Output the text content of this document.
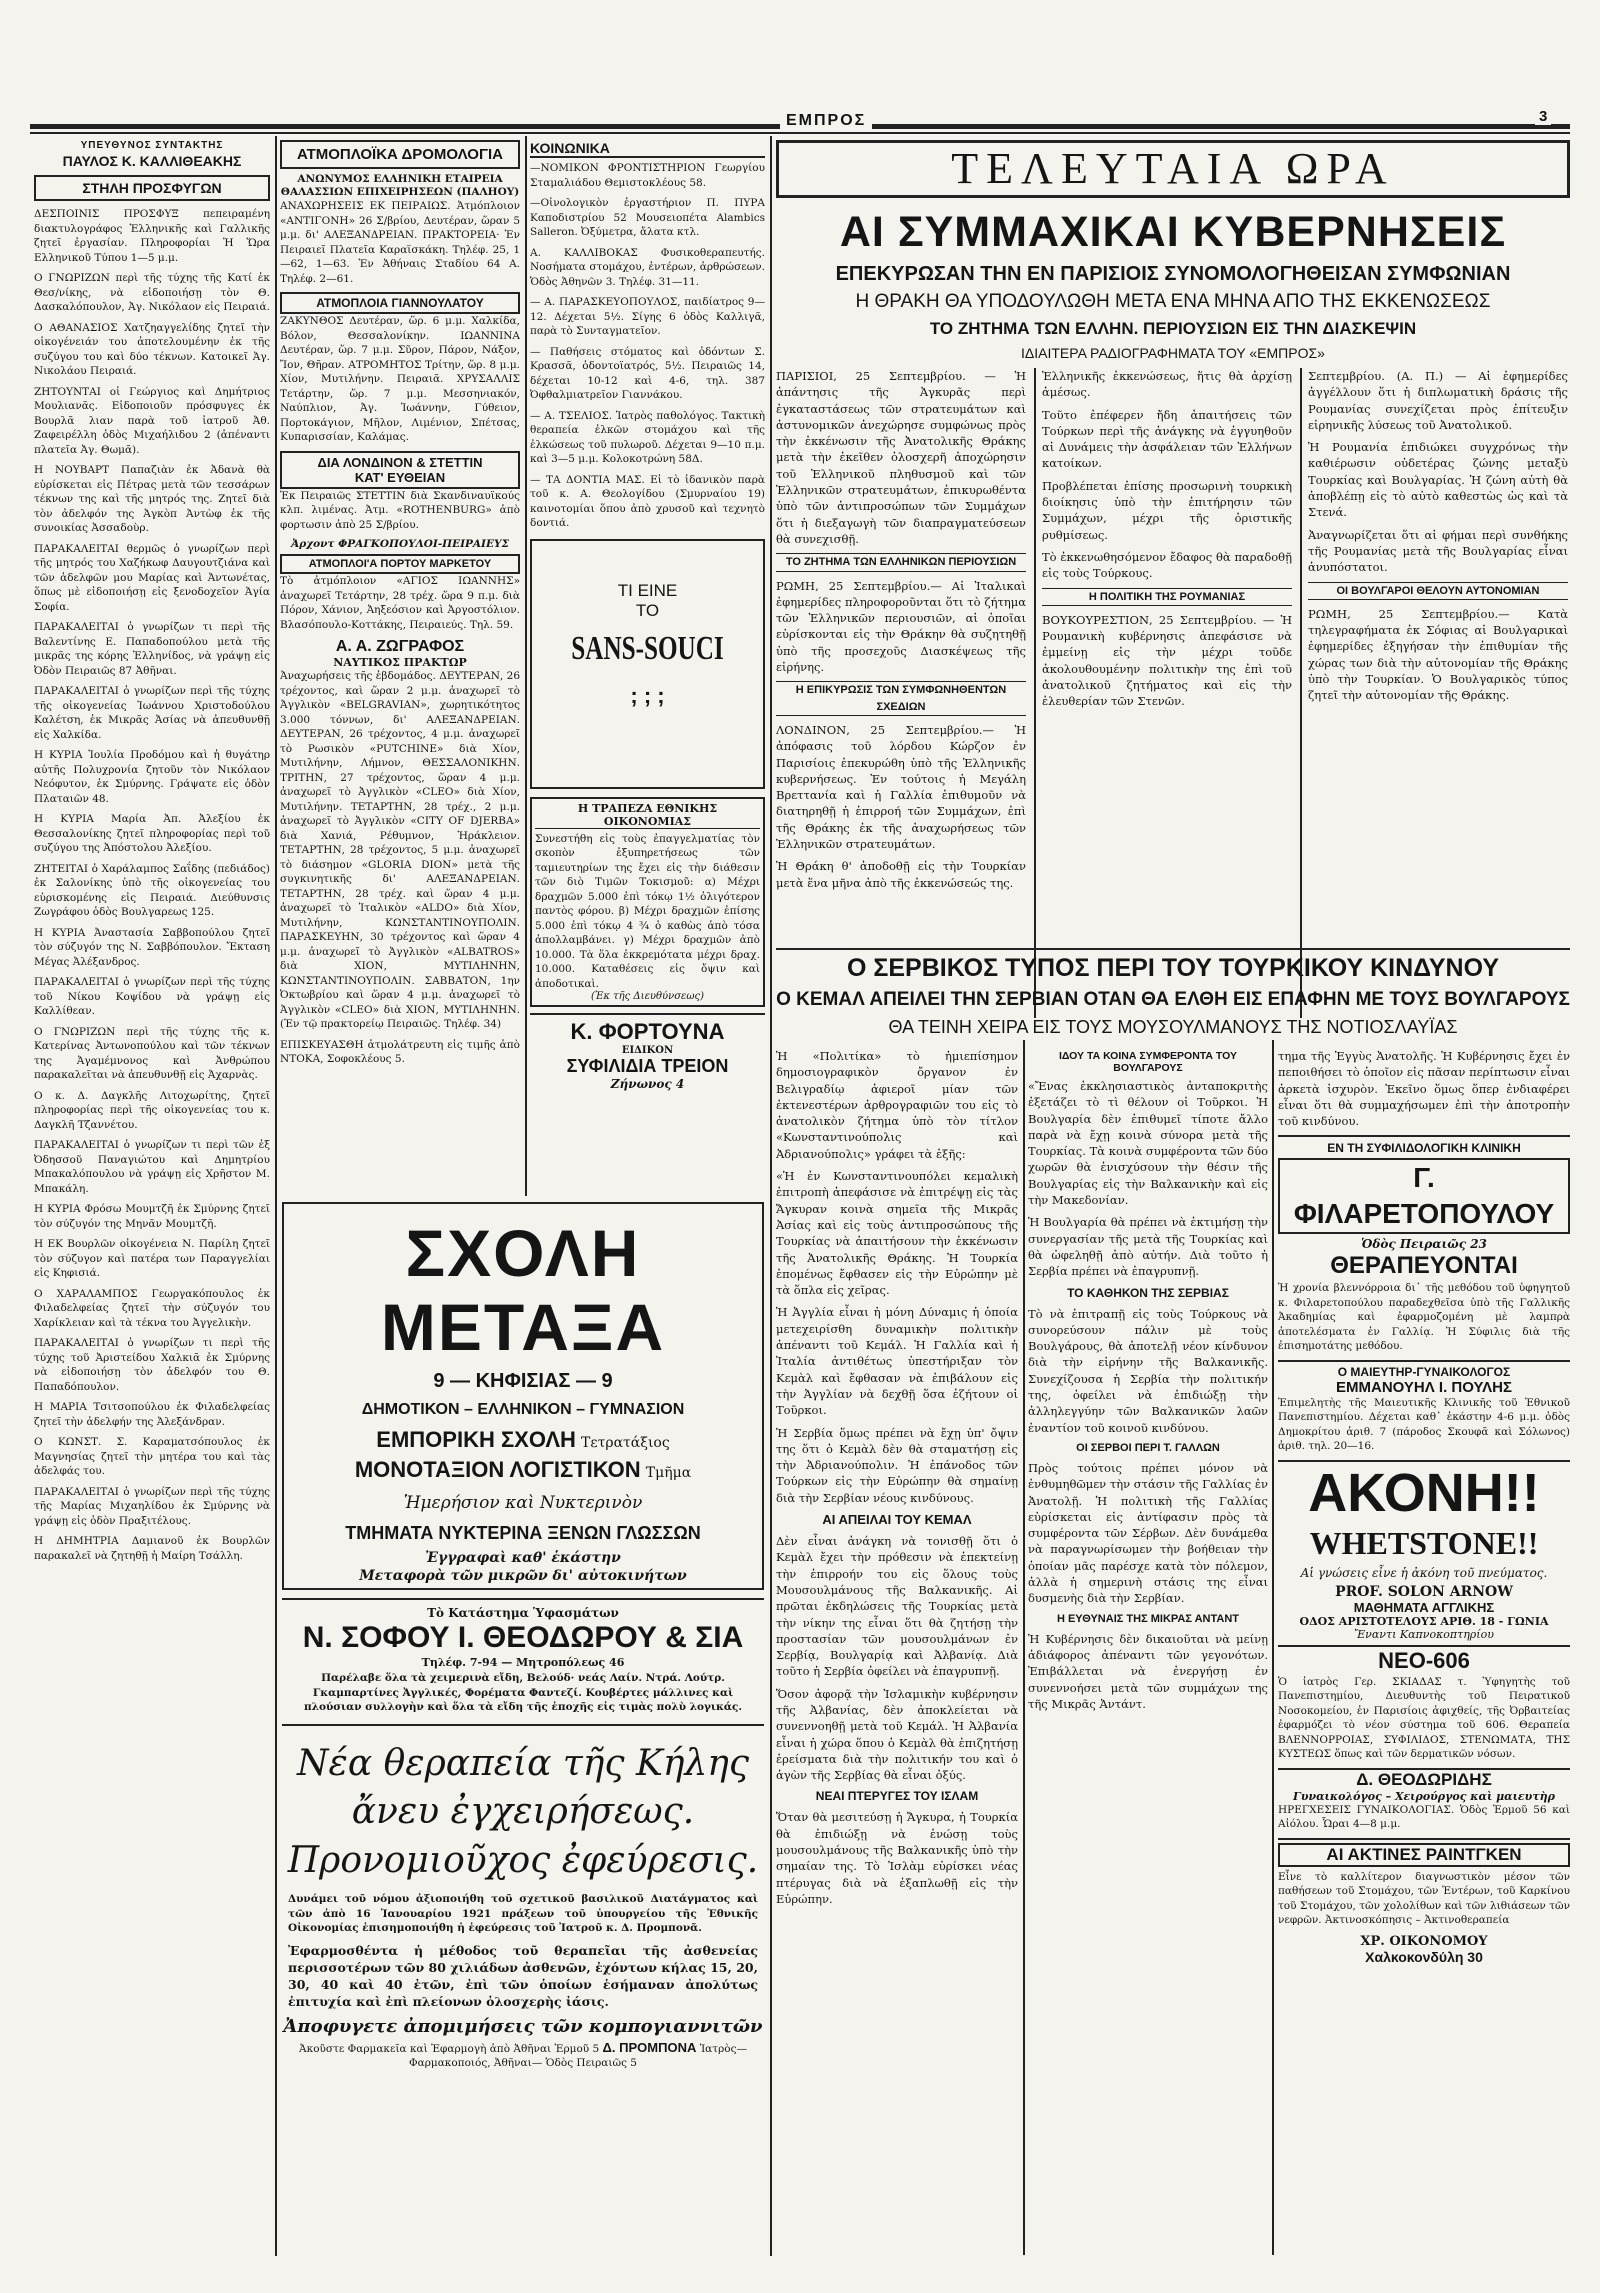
ΕΜΠΡΟΣ	3
ΥΠΕΥΘΥΝΟΣ ΣΥΝΤΑΚΤΗΣ
ΠΑΥΛΟΣ Κ. ΚΑΛΛΙΘΕΑΚΗΣ
ΣΤΗΛΗ ΠΡΟΣΦΥΓΩΝ

ΔΕΣΠΟΙΝΙΣ ΠΡΟΣΦΥΞ πεπειραμένη διακτυλογράφος Ἑλληνικῆς καὶ Γαλλικῆς ζητεῖ ἐργασίαν. Πληροφορίαι Ἡ Ὥρα Ελληνικοῦ Τύπου 1—5 μ.μ.

Ο ΓΝΩΡΙΖΩΝ περὶ τῆς τύχης τῆς Κατί ἐκ Θεσ/νίκης, νὰ εἰδοποιήσῃ τὸν Θ. Δασκαλόπουλον, Ἀγ. Νικόλαον εἰς Πειραιά.

Ο ΑΘΑΝΑΣΙΟΣ Χατζηαγγελίδης ζητεῖ τὴν οἰκογένειάν του ἀποτελουμένην ἐκ τῆς συζύγου του καὶ δύο τέκνων. Κατοικεῖ Ἀγ. Νικολάου Πειραιά.

ΖΗΤΟΥΝΤΑΙ οἱ Γεώργιος καὶ Δημήτριος Μουλιανᾶς. Εἰδοποιοῦν πρόσφυγες ἐκ Βουρλᾶ λιαν παρὰ τοῦ ἰατροῦ Ἀθ. Ζαφειρέλλη ὁδὸς Μιχαήλιδου 2 (ἀπέναντι πλατεῖα Ἀγ. Θωμᾶ).

Η ΝΟΥΒΑΡΤ Παπαζιὰν ἐκ Ἀδανὰ θὰ εὑρίσκεται εἰς Πέτρας μετὰ τῶν τεσσάρων τέκνων της καὶ τῆς μητρός της. Ζητεῖ διὰ τὸν ἀδελφόν της Ἀγκὸπ Ἀντὼφ ἐκ τῆς συνοικίας Ἀσσαδοὺρ.

ΠΑΡΑΚΑΛΕΙΤΑΙ θερμῶς ὁ γνωρίζων περὶ τῆς μητρός του Χαζήκωφ Δαυγουτζιάνα καὶ τῶν ἀδελφῶν μου Μαρίας καὶ Ἀντωνέτας, ὅπως μὲ εἰδοποιήσῃ εἰς ξενοδοχεῖον Ἀγία Σοφία.

ΠΑΡΑΚΑΛΕΙΤΑΙ ὁ γνωρίζων τι περὶ τῆς Βαλεντίνης Ε. Παπαδοπούλου μετὰ τῆς μικρᾶς της κόρης Ἑλληνίδος, νὰ γράψῃ εἰς Ὀδὸν Πειραιῶς 87 Ἀθῆναι.

ΠΑΡΑΚΑΛΕΙΤΑΙ ὁ γνωρίζων περὶ τῆς τύχης τῆς οἰκογενείας Ἰωάννου Χριστοδούλου Καλέτση, ἐκ Μικρᾶς Ἀσίας νὰ ἀπευθυνθῇ εἰς Χαλκίδα.

Η ΚΥΡΙΑ Ἰουλία Προδόμου καὶ ἡ θυγάτηρ αὐτῆς Πολυχρονία ζητοῦν τὸν Νικόλαον Νεόφυτον, ἐκ Σμύρνης. Γράψατε εἰς ὁδὸν Πλαταιῶν 48.

Η ΚΥΡΙΑ Μαρία Ἀπ. Ἀλεξίου ἐκ Θεσσαλονίκης ζητεῖ πληροφορίας περὶ τοῦ συζύγου της Ἀπόστολου Ἀλεξίου.

ΖΗΤΕΙΤΑΙ ὁ Χαράλαμπος Σαΐδης (πεδιάδος) ἐκ Σαλονίκης ὑπὸ τῆς οἰκογενείας του εὑρισκομένης εἰς Πειραιά. Διεύθυνσις Ζωγράφου ὁδὸς Βουλγαρεως 125.

Η ΚΥΡΙΑ Ἀναστασία Σαββοπούλου ζητεῖ τὸν σύζυγόν της Ν. Σαββόπουλον. Ἔκταση Μέγας Ἀλέξανδρος.

ΠΑΡΑΚΑΛΕΙΤΑΙ ὁ γνωρίζων περὶ τῆς τύχης τοῦ Νίκου Κοψίδου νὰ γράψῃ εἰς Καλλίθεαν.

Ο ΓΝΩΡΙΖΩΝ περὶ τῆς τύχης τῆς κ. Κατερίνας Ἀντωνοπούλου καὶ τῶν τέκνων της Ἀγαμέμνονος καὶ Ἀνθρώπου παρακαλεῖται νὰ ἀπευθυνθῇ εἰς Ἀχαρνὰς.

Ο κ. Δ. Δαγκλῆς Λιτοχωρίτης, ζητεῖ πληροφορίας περὶ τῆς οἰκογενείας του κ. Δαγκλῆ Τζαννέτου.

ΠΑΡΑΚΑΛΕΙΤΑΙ ὁ γνωρίζων τι περὶ τῶν ἐξ Ὀδησσοῦ Παναγιώτου καὶ Δημητρίου Μπακαλόπουλου νὰ γράψῃ εἰς Χρῆστον Μ. Μπακάλη.

Η ΚΥΡΙΑ Φρόσω Μουμτζῆ ἐκ Σμύρνης ζητεῖ τὸν σύζυγόν της Μηνᾶν Μουμτζῆ.

Η ΕΚ Βουρλῶν οἰκογένεια Ν. Παρίλη ζητεῖ τὸν σύζυγον καὶ πατέρα των Παραγγελίαι εἰς Κηφισιά.

Ο ΧΑΡΑΛΑΜΠΟΣ Γεωργακόπουλος ἐκ Φιλαδελφείας ζητεῖ τὴν σύζυγόν του Χαρίκλειαν καὶ τὰ τέκνα του Ἀγγελικὴν.

ΠΑΡΑΚΑΛΕΙΤΑΙ ὁ γνωρίζων τι περὶ τῆς τύχης τοῦ Ἀριστείδου Χαλκιᾶ ἐκ Σμύρνης νὰ εἰδοποιήσῃ τὸν ἀδελφόν του Θ. Παπαδόπουλον.

Η ΜΑΡΙΑ Τσιτσοπούλου ἐκ Φιλαδελφείας ζητεῖ τὴν ἀδελφήν της Ἀλεξάνδραν.

Ο ΚΩΝΣΤ. Σ. Καραματσόπουλος ἐκ Μαγνησίας ζητεῖ τὴν μητέρα του καὶ τὰς ἀδελφάς του.

ΠΑΡΑΚΑΛΕΙΤΑΙ ὁ γνωρίζων περὶ τῆς τύχης τῆς Μαρίας Μιχαηλίδου ἐκ Σμύρνης νὰ γράψῃ εἰς ὁδὸν Πραξιτέλους.

Η ΔΗΜΗΤΡΙΑ Δαμιανοῦ ἐκ Βουρλῶν παρακαλεῖ νὰ ζητηθῇ ἡ Μαίρη Τσάλλη.

ΑΤΜΟΠΛΟΪΚΑ ΔΡΟΜΟΛΟΓΙΑ
ΑΝΩΝΥΜΟΣ ΕΛΛΗΝΙΚΗ ΕΤΑΙΡΕΙΑ ΘΑΛΑΣΣΙΩΝ ΕΠΙΧΕΙΡΗΣΕΩΝ (ΠΑΛΗΟΥ)

ΑΝΑΧΩΡΗΣΕΙΣ ΕΚ ΠΕΙΡΑΙΩΣ. Ἀτμόπλοιον «ΑΝΤΙΓΟΝΗ» 26 Σ/βρίου, Δευτέραν, ὥραν 5 μ.μ. δι' ΑΛΕΞΑΝΔΡΕΙΑΝ. ΠΡΑΚΤΟΡΕΙΑ· Ἐν Πειραιεῖ Πλατεῖα Καραϊσκάκη. Τηλέφ. 25, 1—62, 1—63. Ἐν Ἀθήναις Σταδίου 64 Α. Τηλέφ. 2—61.

ΑΤΜΟΠΛΟΙΑ ΓΙΑΝΝΟΥΛΑΤΟΥ

ΖΑΚΥΝΘΟΣ Δευτέραν, ὥρ. 6 μ.μ. Χαλκίδα, Βόλον, Θεσσαλονίκην. ΙΩΑΝΝΙΝΑ Δευτέραν, ὥρ. 7 μ.μ. Σῦρον, Πάρον, Νάξον, Ἴον, Θῆραν. ΑΤΡΟΜΗΤΟΣ Τρίτην, ὥρ. 8 μ.μ. Χίον, Μυτιλήνην. Πειραιᾶ. ΧΡΥΣΑΛΛΙΣ Τετάρτην, ὥρ. 7 μ.μ. Μεσσηνιακόν, Ναύπλιον, Ἀγ. Ἰωάννην, Γύθειον, Πορτοκάγιον, Μῆλον, Λιμένιον, Σπέτσας, Κυπαρισσίαν, Καλάμας.

ΔΙΑ ΛΟΝΔΙΝΟΝ & ΣΤΕΤΤΙΝ
ΚΑΤ' ΕΥΘΕΙΑΝ

Ἐκ Πειραιῶς ΣΤΕΤΤΙΝ διὰ Σκανδιναυϊκούς κλπ. λιμένας. Ἀτμ. «ROTHENBURG» ἀπὸ φορτωσιν ἀπὸ 25 Σ/βρίου.

Ἀρχοντ ΦΡΑΓΚΟΠΟΥΛΟΙ-ΠΕΙΡΑΙΕΥΣ
ΑΤΜΟΠΛΟΙ'Α ΠΟΡΤΟΥ ΜΑΡΚΕΤΟΥ

Τὸ ἀτμόπλοιον «ΑΓΙΟΣ ΙΩΑΝΝΗΣ» ἀναχωρεῖ Τετάρτην, 28 τρέχ. ὥρα 9 π.μ. διὰ Πόρον, Χάνιον, Ἀηξεόσιον καὶ Ἀργοστόλιον. Βλασόπουλο-Κοττάκης, Πειραιεύς. Τηλ. 59.

Α. Α. ΖΩΓΡΑΦΟΣ
ΝΑΥΤΙΚΟΣ ΠΡΑΚΤΩΡ

Ἀναχωρήσεις τῆς ἑβδομάδος. ΔΕΥΤΕΡΑΝ, 26 τρέχοντος, καὶ ὥραν 2 μ.μ. ἀναχωρεῖ τὸ Ἀγγλικὸν «BELGRAVIAN», χωρητικότητος 3.000 τόννων, δι' ΑΛΕΞΑΝΔΡΕΙΑΝ. ΔΕΥΤΕΡΑΝ, 26 τρέχοντος, 4 μ.μ. ἀναχωρεῖ τὸ Ρωσικὸν «PUTCHINE» διὰ Χίον, Μυτιλήνην, Λήμνον, ΘΕΣΣΑΛΟΝΙΚΗΝ. ΤΡΙΤΗΝ, 27 τρέχοντος, ὥραν 4 μ.μ. ἀναχωρεῖ τὸ Ἀγγλικὸν «CLEO» διὰ Χίον, Μυτιλήνην. ΤΕΤΑΡΤΗΝ, 28 τρέχ., 2 μ.μ. ἀναχωρεῖ τὸ Ἀγγλικὸν «CITY OF DJERBA» διὰ Χανιά, Ρέθυμνον, Ἡράκλειον. ΤΕΤΑΡΤΗΝ, 28 τρέχοντος, 5 μ.μ. ἀναχωρεῖ τὸ διάσημον «GLORIA DION» μετὰ τῆς συγκινητικῆς δι' ΑΛΕΞΑΝΔΡΕΙΑΝ. ΤΕΤΑΡΤΗΝ, 28 τρέχ. καὶ ὥραν 4 μ.μ. ἀναχωρεῖ τὸ Ἰταλικὸν «ALDO» διὰ Χίον, Μυτιλήνην, ΚΩΝΣΤΑΝΤΙΝΟΥΠΟΛΙΝ. ΠΑΡΑΣΚΕΥΗΝ, 30 τρέχοντος καὶ ὥραν 4 μ.μ. ἀναχωρεῖ τὸ Ἀγγλικὸν «ALBATROS» διὰ ΧΙΟΝ, ΜΥΤΙΛΗΝΗΝ, ΚΩΝΣΤΑΝΤΙΝΟΥΠΟΛΙΝ. ΣΑΒΒΑΤΟΝ, 1ην Ὀκτωβρίου καὶ ὥραν 4 μ.μ. ἀναχωρεῖ τὸ Ἀγγλικὸν «CLEO» διὰ ΧΙΟΝ, ΜΥΤΙΛΗΝΗΝ. (Ἐν τῷ πρακτορείῳ Πειραιῶς. Τηλέφ. 34)

ΕΠΙΣΚΕΥΑΣΘΗ ἀτμολάτρευτη εἰς τιμῆς ἀπὸ ΝΤΟΚΑ, Σοφοκλέους 5.

ΚΟΙΝΩΝΙΚΑ

—ΝΟΜΙΚΟΝ ΦΡΟΝΤΙΣΤΗΡΙΟΝ Γεωργίου Σταμαλιάδου Θεμιστοκλέους 58.

—Οἰνολογικὸν ἐργαστήριον Π. ΠΥΡΑ Καποδιστρίου 52 Μουσειοπέτα Alambics Salleron. Ὀξύμετρα, ἄλατα κτλ.

Α. ΚΑΛΛΙΒΟΚΑΣ Φυσικοθεραπευτής. Νοσήματα στομάχου, ἐντέρων, ἀρθρώσεων. Ὁδὸς Ἀθηνῶν 3. Τηλέφ. 31—11.

— Α. ΠΑΡΑΣΚΕΥΟΠΟΥΛΟΣ, παιδίατρος 9—12. Δέχεται 5½. Σίγης 6 ὁδὸς Καλλιγᾶ, παρὰ τὸ Συνταγματεῖον.

— Παθήσεις στόματος καὶ ὀδόντων Σ. Κρασσᾶ, ὀδοντοϊατρός, 5½. Πειραιῶς 14, δέχεται 10-12 καὶ 4-6, τηλ. 387 Ὀφθαλμιατρεῖον Γιαννάκου.

— Α. ΤΣΕΛΙΟΣ. Ἰατρὸς παθολόγος. Τακτικὴ θεραπεία ἐλκῶν στομάχου καὶ τῆς ἐλκώσεως τοῦ πυλωροῦ. Δέχεται 9—10 π.μ. καὶ 3—5 μ.μ. Κολοκοτρώνη 58Δ.

— ΤΑ ΔΟΝΤΙΑ ΜΑΣ. Εἰ τὸ ἰδανικὸν παρὰ τοῦ κ. Α. Θεολογίδου (Σμυρναίου 19) καινοτομίαι ὅπου ἀπὸ χρυσοῦ καὶ τεχνητὸ δοντιά.

ΤΙ ΕΙΝΕ
ΤΟ
SANS-SOUCI
; ; ;
Η ΤΡΑΠΕΖΑ ΕΘΝΙΚΗΣ ΟΙΚΟΝΟΜΙΑΣ

Συνεστήθη εἰς τοὺς ἐπαγγελματίας τὸν σκοπὸν ἐξυπηρετήσεως τῶν ταμιευτηρίων της ἔχει εἰς τὴν διάθεσιν τῶν διὸ Τιμῶν Τοκισμοῦ: α) Μέχρι δραχμῶν 5.000 ἐπὶ τόκῳ 1½ ὀλιγότερον παντὸς φόρου. β) Μέχρι δραχμῶν ἐπίσης 5.000 ἐπὶ τόκῳ 4 ¾ ὁ καθὼς ἀπὸ τόσα ἀπολλαμβάνει. γ) Μέχρι δραχμῶν ἀπὸ 10.000. Τὰ ὅλα ἐκκρεμότατα μέχρι δραχ. 10.000. Καταθέσεις εἰς ὄψιν καὶ ἀποδοτικαὶ.

(Ἐκ τῆς Διευθύνσεως)
Κ. ΦΟΡΤΟΥΝΑ
ΕΙΔΙΚΟΝ
ΣΥΦΙΛΙΔΙΑ ΤΡΕΙΟΝ
Ζήνωνος 4
ΣΧΟΛΗ ΜΕΤΑΞΑ
9 — ΚΗΦΙΣΙΑΣ — 9
ΔΗΜΟΤΙΚΟΝ – ΕΛΛΗΝΙΚΟΝ – ΓΥΜΝΑΣΙΟΝ
ΕΜΠΟΡΙΚΗ ΣΧΟΛΗ Τετρατάξιος
ΜΟΝΟΤΑΞΙΟΝ ΛΟΓΙΣΤΙΚΟΝ Τμῆμα
Ἡμερήσιον καὶ Νυκτερινὸν
ΤΜΗΜΑΤΑ ΝΥΚΤΕΡΙΝΑ ΞΕΝΩΝ ΓΛΩΣΣΩΝ
Ἐγγραφαὶ καθ' ἑκάστην
Μεταφορὰ τῶν μικρῶν δι' αὐτοκινήτων
Τὸ Κατάστημα Ὑφασμάτων
Ν. ΣΟΦΟΥ Ι. ΘΕΟΔΩΡΟΥ & ΣΙΑ
Τηλέφ. 7-94 — Μητροπόλεως 46

Παρέλαβε ὅλα τὰ χειμερινὰ εἴδη, Βελούδ· νεάς Λαίν. Ντρά. Λούτρ. Γκαμπαρτίνες Ἀγγλικές, Φορέματα Φαντεζί. Κουβέρτες μάλλινες καὶ πλούσιαν συλλογὴν καὶ ὅλα τὰ εἴδη τῆς ἐποχῆς εἰς τιμὰς πολὺ λογικάς.

Νέα θεραπεία τῆς Κήλης
ἄνευ ἐγχειρήσεως.
Προνομιοῦχος ἐφεύρεσις.

Δυνάμει τοῦ νόμου ἀξιοποιήθη τοῦ σχετικοῦ βασιλικοῦ Διατάγματος καὶ τῶν ἀπὸ 16 Ἰανουαρίου 1921 πράξεων τοῦ ὑπουργείου τῆς Ἐθνικῆς Οἰκονομίας ἐπισημοποιήθη ἡ ἐφεύρεσις τοῦ Ἰατροῦ κ. Δ. Προμπονᾶ.

Ἐφαρμοσθέντα ἡ μέθοδος τοῦ θεραπεῖαι τῆς ἀσθενείας περισσοτέρων τῶν 80 χιλιάδων ἀσθενῶν, ἐχόντων κήλας 15, 20, 30, 40 καὶ 40 ἐτῶν, ἐπὶ τῶν ὁποίων ἐσήμαναν ἀπολύτως ἐπιτυχία καὶ ἐπὶ πλείονων ὁλοσχερὴς ἰάσις.

Ἀποφυγετε ἀπομιμήσεις τῶν κομπογιαννιτῶν
Ἀκοῦστε Φαρμακεῖα καὶ Ἐφαρμογὴ ἀπὸ Ἀθῆναι Ἐρμοῦ 5 Δ. ΠΡΟΜΠΟΝΑ Ἰατρὸς—Φαρμακοποιός, Ἀθῆναι— Ὁδὸς Πειραιῶς 5
ΤΕΛΕΥΤΑΙΑ ΩΡΑ
ΑΙ ΣΥΜΜΑΧΙΚΑΙ ΚΥΒΕΡΝΗΣΕΙΣ
ΕΠΕΚΥΡΩΣΑΝ ΤΗΝ ΕΝ ΠΑΡΙΣΙΟΙΣ ΣΥΝΟΜΟΛΟΓΗΘΕΙΣΑΝ ΣΥΜΦΩΝΙΑΝ
Η ΘΡΑΚΗ ΘΑ ΥΠΟΔΟΥΛΩΘΗ ΜΕΤΑ ΕΝΑ ΜΗΝΑ ΑΠΟ ΤΗΣ ΕΚΚΕΝΩΣΕΩΣ
ΤΟ ΖΗΤΗΜΑ ΤΩΝ ΕΛΛΗΝ. ΠΕΡΙΟΥΣΙΩΝ ΕΙΣ ΤΗΝ ΔΙΑΣΚΕΨΙΝ
ΙΔΙΑΙΤΕΡΑ ΡΑΔΙΟΓΡΑΦΗΜΑΤΑ ΤΟΥ «ΕΜΠΡΟΣ»

ΠΑΡΙΣΙΟΙ, 25 Σεπτεμβρίου. — Ἡ ἀπάντησις τῆς Ἀγκυρᾶς περὶ ἐγκαταστάσεως τῶν στρατευμάτων καὶ ἀστυνομικῶν ἀνεχώρησε συμφώνως πρὸς τὴν ἐκκένωσιν τῆς Ἀνατολικῆς Θράκης μετὰ τὴν ἐκεῖθεν ὁλοσχερῆ ἀποχώρησιν τοῦ Ἑλληνικοῦ πληθυσμοῦ καὶ τῶν Ἑλληνικῶν στρατευμάτων, ἐπικυρωθέντα ὑπὸ τῶν ἀντιπροσώπων τῶν Συμμάχων ὅτι ἡ διεξαγωγὴ τῶν διαπραγματεύσεων θὰ συνεχισθῇ.

ΤΟ ΖΗΤΗΜΑ ΤΩΝ ΕΛΛΗΝΙΚΩΝ ΠΕΡΙΟΥΣΙΩΝ

ΡΩΜΗ, 25 Σεπτεμβρίου.— Αἱ Ἰταλικαὶ ἐφημερίδες πληροφοροῦνται ὅτι τὸ ζήτημα τῶν Ἑλληνικῶν περιουσιῶν, αἱ ὁποῖαι εὑρίσκονται εἰς τὴν Θράκην θὰ συζητηθῇ ὑπὸ τῆς προσεχοῦς Διασκέψεως τῆς εἰρήνης.

Η ΕΠΙΚΥΡΩΣΙΣ ΤΩΝ ΣΥΜΦΩΝΗΘΕΝΤΩΝ ΣΧΕΔΙΩΝ

ΛΟΝΔΙΝΟΝ, 25 Σεπτεμβρίου.— Ἡ ἀπόφασις τοῦ λόρδου Κώρζον ἐν Παρισίοις ἐπεκυρώθη ὑπὸ τῆς Ἑλληνικῆς κυβερνήσεως. Ἐν τούτοις ἡ Μεγάλη Βρεττανία καὶ ἡ Γαλλία ἐπιθυμοῦν νὰ διατηρηθῇ ἡ ἐπιρροή τῶν Συμμάχων, ἐπὶ τῆς Θράκης ἐκ τῆς ἀναχωρήσεως τῶν Ἑλληνικῶν στρατευμάτων.

Ἡ Θράκη θ' ἀποδοθῇ εἰς τὴν Τουρκίαν μετὰ ἕνα μῆνα ἀπὸ τῆς ἐκκενώσεώς της.

Ἑλληνικῆς ἐκκενώσεως, ἥτις θὰ ἀρχίσῃ ἀμέσως.

Τοῦτο ἐπέφερεν ἤδη ἀπαιτήσεις τῶν Τούρκων περὶ τῆς ἀνάγκης νὰ ἐγγυηθοῦν αἱ Δυνάμεις τὴν ἀσφάλειαν τῶν Ἑλλήνων κατοίκων.

Προβλέπεται ἐπίσης προσωρινὴ τουρκικὴ διοίκησις ὑπὸ τὴν ἐπιτήρησιν τῶν Συμμάχων, μέχρι τῆς ὁριστικῆς ρυθμίσεως.

Τὸ ἐκκενωθησόμενον ἔδαφος θὰ παραδοθῇ εἰς τοὺς Τούρκους.

Η ΠΟΛΙΤΙΚΗ ΤΗΣ ΡΟΥΜΑΝΙΑΣ

ΒΟΥΚΟΥΡΕΣΤΙΟΝ, 25 Σεπτεμβρίου. — Ἡ Ρουμανικὴ κυβέρνησις ἀπεφάσισε νὰ ἐμμείνῃ εἰς τὴν μέχρι τοῦδε ἀκολουθουμένην πολιτικὴν της ἐπὶ τοῦ ἀνατολικοῦ ζητήματος καὶ εἰς τὴν ἐλευθερίαν τῶν Στενῶν.

Σεπτεμβρίου. (Α. Π.) — Αἱ ἐφημερίδες ἀγγέλλουν ὅτι ἡ διπλωματικὴ δράσις τῆς Ρουμανίας συνεχίζεται πρὸς ἐπίτευξιν εἰρηνικῆς λύσεως τοῦ Ἀνατολικοῦ.

Ἡ Ρουμανία ἐπιδιώκει συγχρόνως τὴν καθιέρωσιν οὐδετέρας ζώνης μεταξὺ Τουρκίας καὶ Βουλγαρίας. Ἡ ζώνη αὐτὴ θὰ ἀποβλέπῃ εἰς τὸ αὐτὸ καθεστὼς ὡς καὶ τὰ Στενά.

Ἀναγνωρίζεται ὅτι αἱ φήμαι περὶ συνθήκης τῆς Ρουμανίας μετὰ τῆς Βουλγαρίας εἶναι ἀνυπόστατοι.

ΟΙ ΒΟΥΛΓΑΡΟΙ ΘΕΛΟΥΝ ΑΥΤΟΝΟΜΙΑΝ

ΡΩΜΗ, 25 Σεπτεμβρίου.— Κατὰ τηλεγραφήματα ἐκ Σόφιας αἱ Βουλγαρικαὶ ἐφημερίδες ἐξηγήσαν τὴν ἐπιθυμίαν τῆς χώρας των διὰ τὴν αὐτονομίαν τῆς Θράκης ὑπὸ τὴν Τουρκίαν. Ὁ Βουλγαρικὸς τύπος ζητεῖ τὴν αὐτονομίαν τῆς Θράκης.

Ο ΣΕΡΒΙΚΟΣ ΤΥΠΟΣ ΠΕΡΙ ΤΟΥ ΤΟΥΡΚΙΚΟΥ ΚΙΝΔΥΝΟΥ
Ο ΚΕΜΑΛ ΑΠΕΙΛΕΙ ΤΗΝ ΣΕΡΒΙΑΝ ΟΤΑΝ ΘΑ ΕΛΘΗ ΕΙΣ ΕΠΑΦΗΝ ΜΕ ΤΟΥΣ ΒΟΥΛΓΑΡΟΥΣ
ΘΑ ΤΕΙΝΗ ΧΕΙΡΑ ΕΙΣ ΤΟΥΣ ΜΟΥΣΟΥΛΜΑΝΟΥΣ ΤΗΣ ΝΟΤΙΟΣΛΑΥΪΑΣ

Ἡ «Πολιτίκα» τὸ ἡμιεπίσημον δημοσιογραφικὸν ὄργανον ἐν Βελιγραδίῳ ἀφιεροῖ μίαν τῶν ἐκτενεστέρων ἀρθρογραφιῶν του εἰς τὸ ἀνατολικὸν ζήτημα ὑπὸ τὸν τίτλον «Κωνσταντινούπολις καὶ Ἀδριανούπολις» γράφει τὰ ἑξῆς:

«Ἡ ἐν Κωνσταντινουπόλει κεμαλικὴ ἐπιτροπὴ ἀπεφάσισε νὰ ἐπιτρέψῃ εἰς τὰς Ἄγκυραν κοινὰ σημεῖα τῆς Μικρᾶς Ἀσίας καὶ εἰς τοὺς ἀντιπροσώπους τῆς Τουρκίας νὰ ἀπαιτήσουν τὴν ἐκκένωσιν τῆς Ἀνατολικῆς Θράκης. Ἡ Τουρκία ἑπομένως ἔφθασεν εἰς τὴν Εὐρώπην μὲ τὰ ὅπλα εἰς χεῖρας.

Ἡ Ἀγγλία εἶναι ἡ μόνη Δύναμις ἡ ὁποία μετεχειρίσθη δυναμικὴν πολιτικὴν ἀπέναντι τοῦ Κεμάλ. Ἡ Γαλλία καὶ ἡ Ἰταλία ἀντιθέτως ὑπεστήριξαν τὸν Κεμὰλ καὶ ἔφθασαν νὰ ἐπιβάλουν εἰς τὴν Ἀγγλίαν νὰ δεχθῇ ὅσα ἐζήτουν οἱ Τοῦρκοι.

Ἡ Σερβία ὅμως πρέπει νὰ ἔχῃ ὑπ' ὄψιν της ὅτι ὁ Κεμὰλ δὲν θὰ σταματήσῃ εἰς τὴν Ἀδριανούπολιν. Ἡ ἐπάνοδος τῶν Τούρκων εἰς τὴν Εὐρώπην θὰ σημαίνῃ διὰ τὴν Σερβίαν νέους κινδύνους.

ΑΙ ΑΠΕΙΛΑΙ ΤΟΥ ΚΕΜΑΛ

Δὲν εἶναι ἀνάγκη νὰ τονισθῇ ὅτι ὁ Κεμὰλ ἔχει τὴν πρόθεσιν νὰ ἐπεκτείνῃ τὴν ἐπιρροήν του εἰς ὅλους τοὺς Μουσουλμάνους τῆς Βαλκανικῆς. Αἱ πρῶται ἐκδηλώσεις τῆς Τουρκίας μετὰ τὴν νίκην της εἶναι ὅτι θὰ ζητήσῃ τὴν προστασίαν τῶν μουσουλμάνων ἐν Σερβίᾳ, Βουλγαρίᾳ καὶ Ἀλβανίᾳ. Διὰ τοῦτο ἡ Σερβία ὀφείλει νὰ ἐπαγρυπνῇ.

Ὅσον ἀφορᾷ τὴν Ἰσλαμικὴν κυβέρνησιν τῆς Ἀλβανίας, δὲν ἀποκλείεται νὰ συνεννοηθῇ μετὰ τοῦ Κεμάλ. Ἡ Ἀλβανία εἶναι ἡ χώρα ὅπου ὁ Κεμὰλ θὰ ἐπιζητήσῃ ἐρείσματα διὰ τὴν πολιτικήν του καὶ ὁ ἀγὼν τῆς Σερβίας θὰ εἶναι ὀξύς.

ΝΕΑΙ ΠΤΕΡΥΓΕΣ ΤΟΥ ΙΣΛΑΜ

Ὅταν θὰ μεσιτεύσῃ ἡ Ἄγκυρα, ἡ Τουρκία θὰ ἐπιδιώξῃ νὰ ἐνώσῃ τοὺς μουσουλμάνους τῆς Βαλκανικῆς ὑπὸ τὴν σημαίαν της. Τὸ Ἰσλὰμ εὑρίσκει νέας πτέρυγας διὰ νὰ ἐξαπλωθῇ εἰς τὴν Εὐρώπην.

ΙΔΟΥ ΤΑ ΚΟΙΝΑ ΣΥΜΦΕΡΟΝΤΑ ΤΟΥ ΒΟΥΛΓΑΡΟΥΣ

«Ἔνας ἐκκλησιαστικὸς ἀνταποκριτὴς ἐξετάζει τὸ τὶ θέλουν οἱ Τοῦρκοι. Ἡ Βουλγαρία δὲν ἐπιθυμεῖ τίποτε ἄλλο παρὰ νὰ ἔχῃ κοινὰ σύνορα μετὰ τῆς Τουρκίας. Τὰ κοινὰ συμφέροντα τῶν δύο χωρῶν θὰ ἐνισχύσουν τὴν θέσιν τῆς Βουλγαρίας εἰς τὴν Βαλκανικὴν καὶ εἰς τὴν Μακεδονίαν.

Ἡ Βουλγαρία θὰ πρέπει νὰ ἐκτιμήσῃ τὴν συνεργασίαν τῆς μετὰ τῆς Τουρκίας καὶ θὰ ὠφεληθῇ ἀπὸ αὐτήν. Διὰ τοῦτο ἡ Σερβία πρέπει νὰ ἐπαγρυπνῇ.

ΤΟ ΚΑΘΗΚΟΝ ΤΗΣ ΣΕΡΒΙΑΣ

Τὸ νὰ ἐπιτραπῇ εἰς τοὺς Τούρκους νὰ συνορεύσουν πάλιν μὲ τοὺς Βουλγάρους, θὰ ἀποτελῇ νέον κίνδυνον διὰ τὴν εἰρήνην τῆς Βαλκανικῆς. Συνεχίζουσα ἡ Σερβία τὴν πολιτικήν της, ὀφείλει νὰ ἐπιδιώξῃ τὴν ἀλληλεγγύην τῶν Βαλκανικῶν λαῶν ἐναντίον τοῦ κοινοῦ κινδύνου.

ΟΙ ΣΕΡΒΟΙ ΠΕΡΙ Τ. ΓΑΛΛΩΝ

Πρὸς τούτοις πρέπει μόνον νὰ ἐνθυμηθῶμεν τὴν στάσιν τῆς Γαλλίας ἐν Ἀνατολῇ. Ἡ πολιτικὴ τῆς Γαλλίας εὑρίσκεται εἰς ἀντίφασιν πρὸς τὰ συμφέροντα τῶν Σέρβων. Δὲν δυνάμεθα νὰ παραγνωρίσωμεν τὴν βοήθειαν τὴν ὁποίαν μᾶς παρέσχε κατὰ τὸν πόλεμον, ἀλλὰ ἡ σημερινὴ στάσις της εἶναι δυσμενὴς διὰ τὴν Σερβίαν.

Η ΕΥΘΥΝΑΙΣ ΤΗΣ ΜΙΚΡΑΣ ΑΝΤΑΝΤ

Ἡ Κυβέρνησις δὲν δικαιοῦται νὰ μείνῃ ἀδιάφορος ἀπέναντι τῶν γεγονότων. Ἐπιβάλλεται νὰ ἐνεργήσῃ ἐν συνεννοήσει μετὰ τῶν συμμάχων της τῆς Μικρᾶς Ἀντάντ.

τημα τῆς Ἐγγὺς Ἀνατολῆς. Ἡ Κυβέρνησις ἔχει ἐν πεποιθήσει τὸ ὁποῖον εἰς πᾶσαν περίπτωσιν εἶναι ἀρκετὰ ἰσχυρὸν. Ἐκεῖνο ὅμως ὅπερ ἐνδιαφέρει εἶναι ὅτι θὰ συμμαχήσωμεν ἐπὶ τὴν ἀποτροπὴν τοῦ κινδύνου.

ΕΝ ΤΗ ΣΥΦΙΛΙΔΟΛΟΓΙΚΗ ΚΛΙΝΙΚΗ
Γ. ΦΙΛΑΡΕΤΟΠΟΥΛΟΥ
Ὁδὸς Πειραιῶς 23
ΘΕΡΑΠΕΥΟΝΤΑΙ

Ἡ χρονία βλεννόρροια δι᾽ τῆς μεθόδου τοῦ ὑφηγητοῦ κ. Φιλαρετοπούλου παραδεχθεῖσα ὑπὸ τῆς Γαλλικῆς Ἀκαδημίας καὶ ἐφαρμοζομένη μὲ λαμπρὰ ἀποτελέσματα ἐν Γαλλίᾳ. Ἡ Σύφιλις διὰ τῆς ἐπισημοτάτης μεθόδου.

Ο ΜΑΙΕΥΤΗΡ-ΓΥΝΑΙΚΟΛΟΓΟΣ
ΕΜΜΑΝΟΥΗΛ Ι. ΠΟΥΛΗΣ

Ἐπιμελητὴς τῆς Μαιευτικῆς Κλινικῆς τοῦ Ἐθνικοῦ Πανεπιστημίου. Δέχεται καθ᾽ ἑκάστην 4-6 μ.μ. ὁδὸς Δημοκρίτου ἀριθ. 7 (πάροδος Σκουφᾶ καὶ Σόλωνος) ἀριθ. τηλ. 20—16.

ΑΚΟΝΗ!!
WHETSTONE!!
Αἱ γνώσεις εἶνε ἡ ἀκόνη τοῦ πνεύματος.
PROF. SOLON ARNOW
ΜΑΘΗΜΑΤΑ ΑΓΓΛΙΚΗΣ
ΟΔΟΣ ΑΡΙΣΤΟΤΕΛΟΥΣ ΑΡΙΘ. 18 - ΓΩΝΙΑ
Ἔναντι Καπνοκοπτηρίου
ΝΕΟ-606

Ὁ ἰατρὸς Γερ. ΣΚΙΑΔΑΣ τ. Ὑφηγητὴς τοῦ Πανεπιστημίου, Διευθυντὴς τοῦ Πειρατικοῦ Νοσοκομείου, ἐν Παρισίοις ἀφιχθείς, τῆς Ὀρβαιτείας ἐφαρμόζει τὸ νέον σύστημα τοῦ 606. Θεραπεία ΒΛΕΝΝΟΡΡΟΙΑΣ, ΣΥΦΙΛΙΔΟΣ, ΣΤΕΝΩΜΑΤΑ, ΤΗΣ ΚΥΣΤΕΩΣ ὅπως καὶ τῶν δερματικῶν νόσων.

Δ. ΘΕΟΔΩΡΙΔΗΣ
Γυναικολόγος – Χειρούργος καὶ μαιευτὴρ

ΗΡΕΓΧΕΣΕΙΣ ΓΥΝΑΙΚΟΛΟΓΙΑΣ. Ὁδὸς Ἑρμοῦ 56 καὶ Αἰόλου. Ὧραι 4—8 μ.μ.

ΑΙ ΑΚΤΙΝΕΣ ΡΑΙΝΤΓΚΕΝ

Εἶνε τὸ καλλίτερον διαγνωστικὸν μέσον τῶν παθήσεων τοῦ Στομάχου, τῶν Ἐντέρων, τοῦ Καρκίνου τοῦ Στομάχου, τῶν χολολίθων καὶ τῶν λιθιάσεων τῶν νεφρῶν. Ἀκτινοσκόπησις – Ἀκτινοθεραπεία

ΧΡ. ΟΙΚΟΝΟΜΟΥ
Χαλκοκονδύλη 30
